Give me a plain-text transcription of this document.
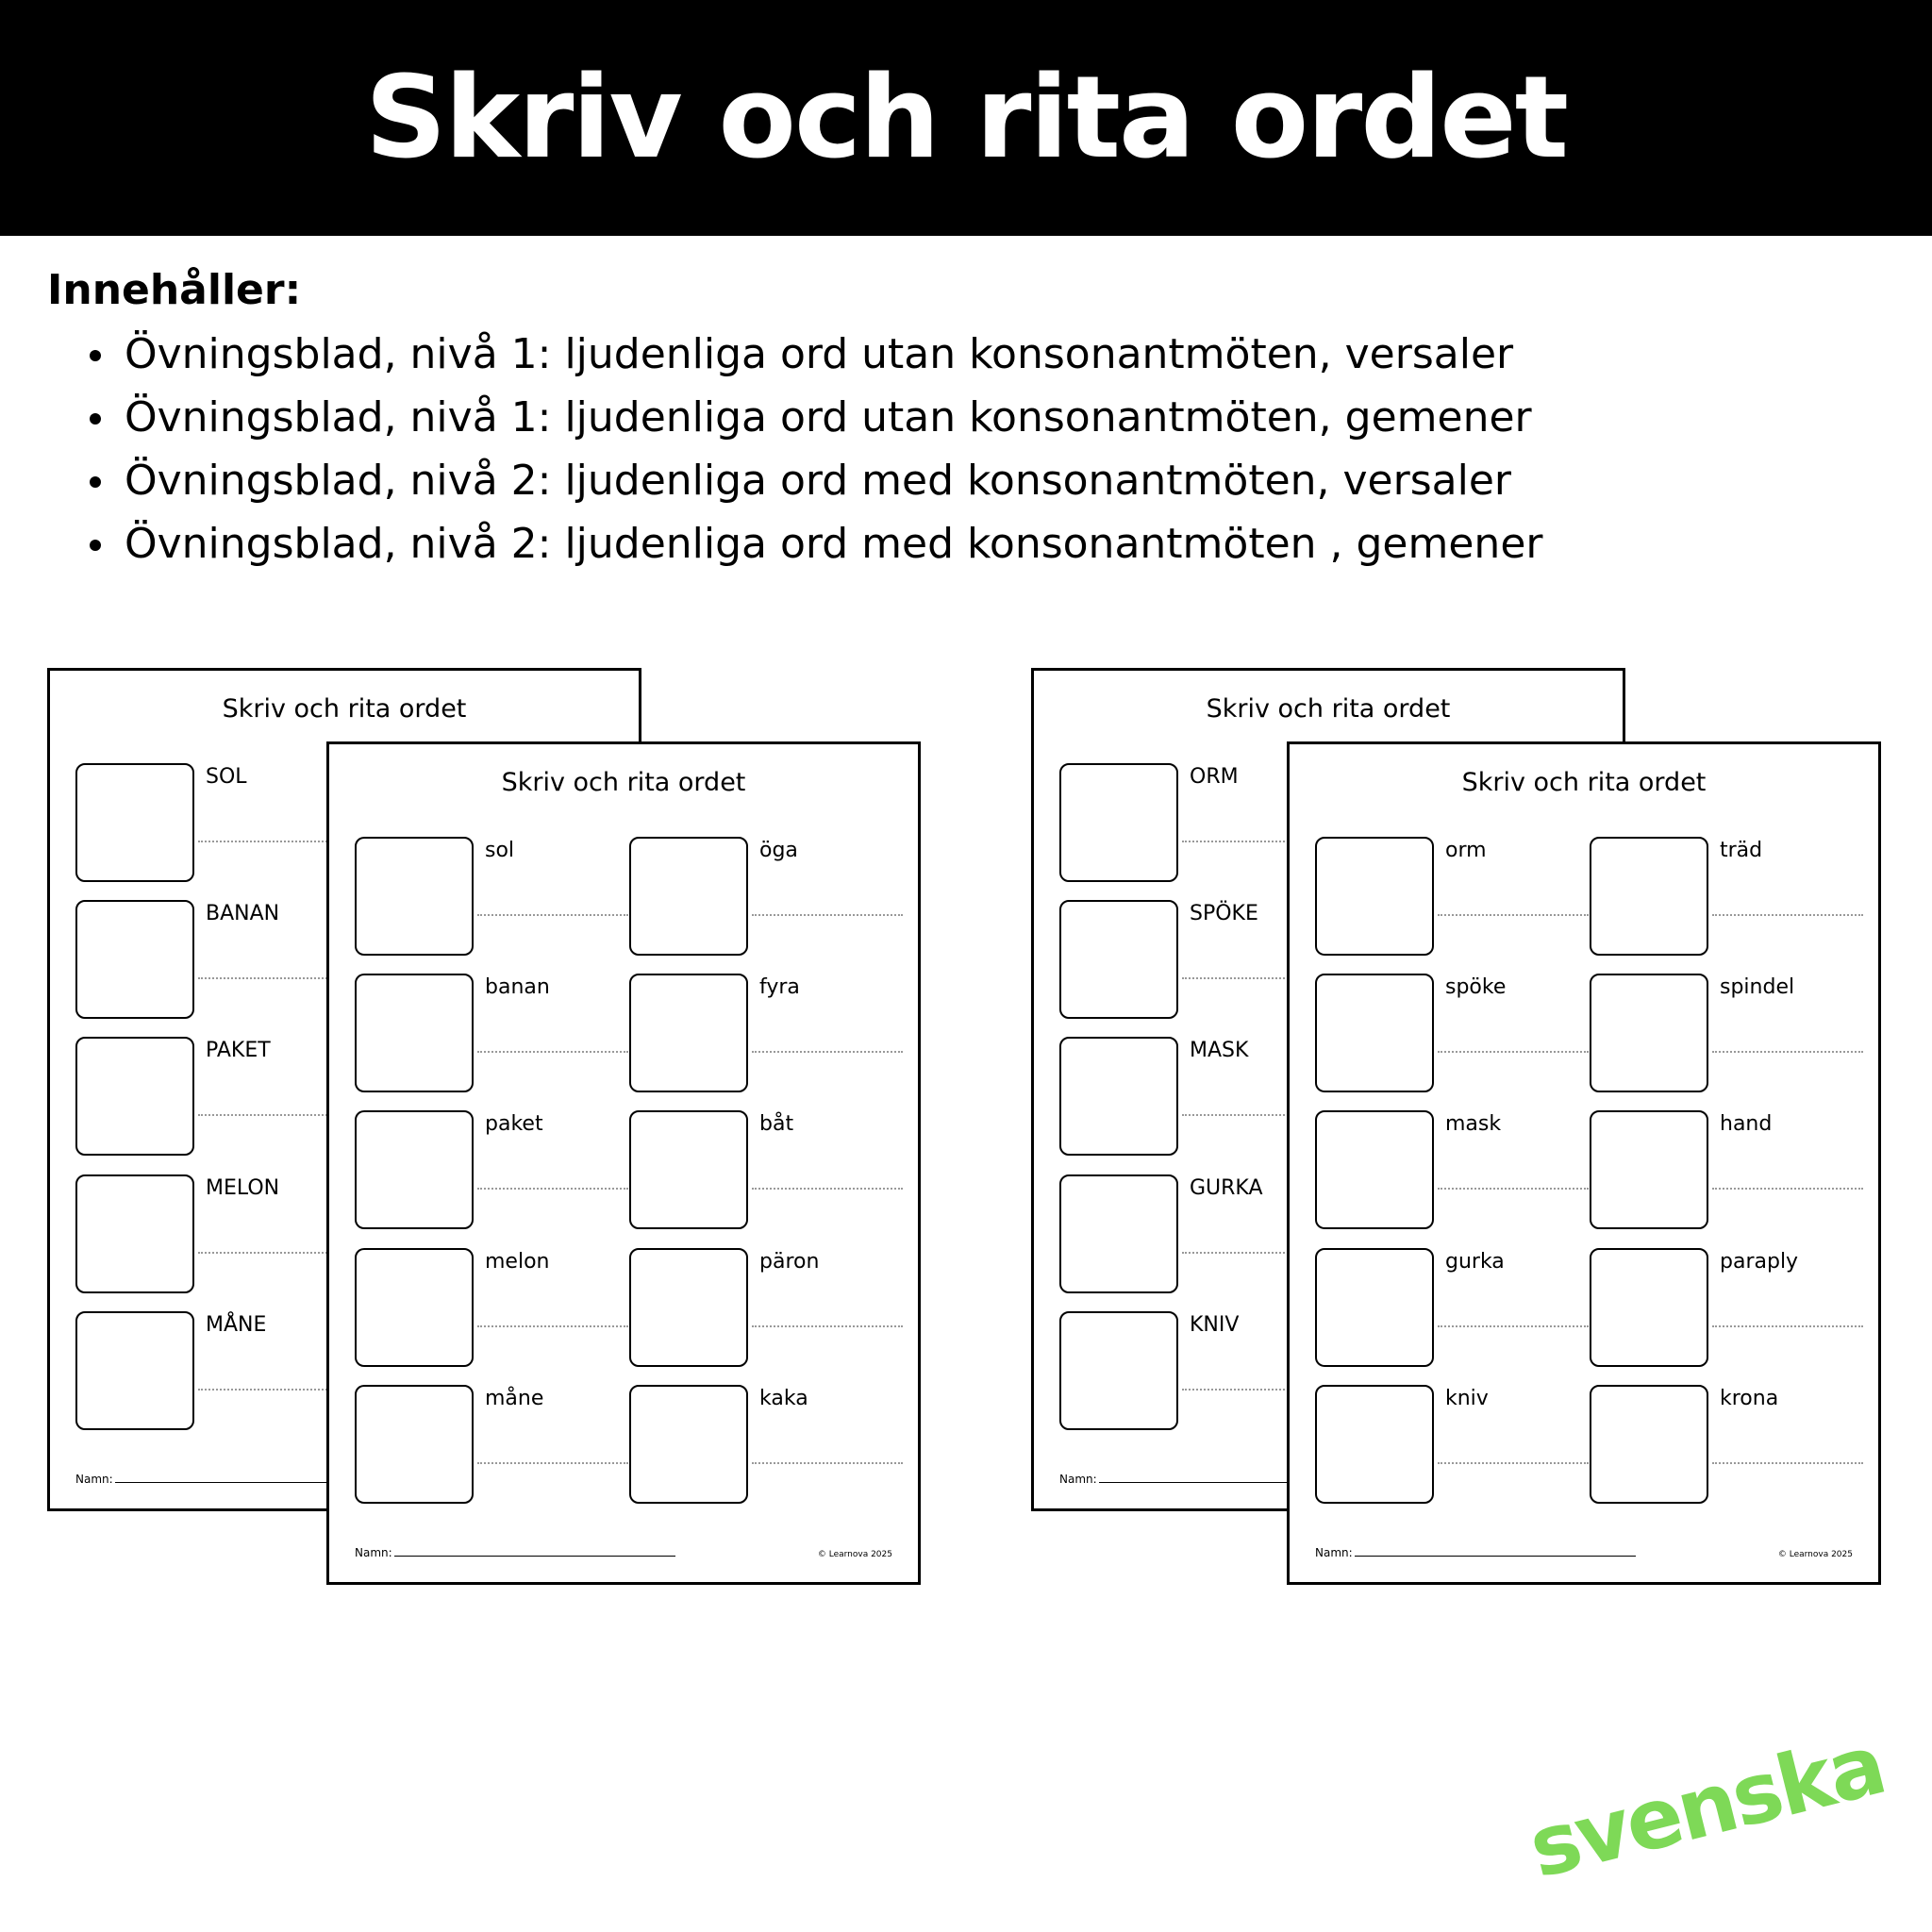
Skriv och rita ordet
Innehåller:
Övningsblad, nivå 1: ljudenliga ord utan konsonantmöten, versaler
Övningsblad, nivå 1: ljudenliga ord utan konsonantmöten, gemener
Övningsblad, nivå 2: ljudenliga ord med konsonantmöten, versaler
Övningsblad, nivå 2: ljudenliga ord med konsonantmöten , gemener
Skriv och rita ordet
SOL
BANAN
PAKET
MELON
MÅNE
Namn:
Skriv och rita ordet
sol
banan
paket
melon
måne
öga
fyra
båt
päron
kaka
Namn:	© Learnova 2025
Skriv och rita ordet
ORM
SPÖKE
MASK
GURKA
KNIV
Namn:
Skriv och rita ordet
orm
spöke
mask
gurka
kniv
träd
spindel
hand
paraply
krona
Namn:	© Learnova 2025
svenska
